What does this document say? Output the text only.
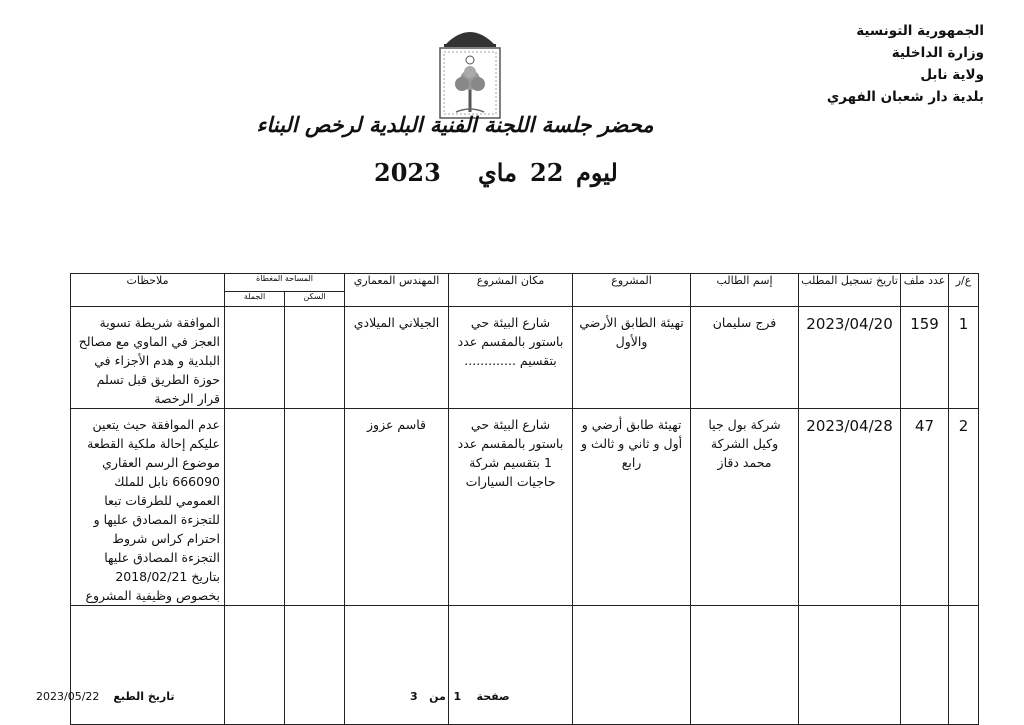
الجمهورية التونسية
وزارة الداخلية
ولاية نابل
بلدية دار شعبان الفهري
محضر جلسة اللجنة الفنية البلدية لرخص البناء
2023 ماي 22 ليوم
ع/ر	عدد ملف	تاريخ تسجيل المطلب	إسم الطالب	المشروع	مكان المشروع	المهندس المعماري	المساحة المغطاة		ملاحظات
							السكن	الجملة	

1	159	2023/04/20	فرج سليمان	تهيئة الطابق الأرضي والأول	شارع البيئة حي باستور بالمقسم عدد بتقسيم .............	الجيلاني الميلادي			الموافقة شريطة تسوية العجز في الماوي مع مصالح البلدية و هدم الأجزاء في حوزة الطريق قبل تسلم قرار الرخصة

2	47	2023/04/28	شركة بول جيا وكيل الشركة محمد دقاز	تهيئة طابق أرضي و أول و ثاني و ثالث و رابع	شارع البيئة حي باستور بالمقسم عدد 1 بتقسيم شركة حاجيات السيارات	قاسم عزوز			عدم الموافقة حيث يتعين عليكم إحالة ملكية القطعة موضوع الرسم العقاري 666090 نابل للملك العمومي للطرقات تبعا للتجزءة المصادق عليها و احترام كراس شروط التجزءة المصادق عليها بتاريخ 2018/02/21 بخصوص وظيفية المشروع

صفحة    1  من   3
2023/05/22 تاريخ الطبع
